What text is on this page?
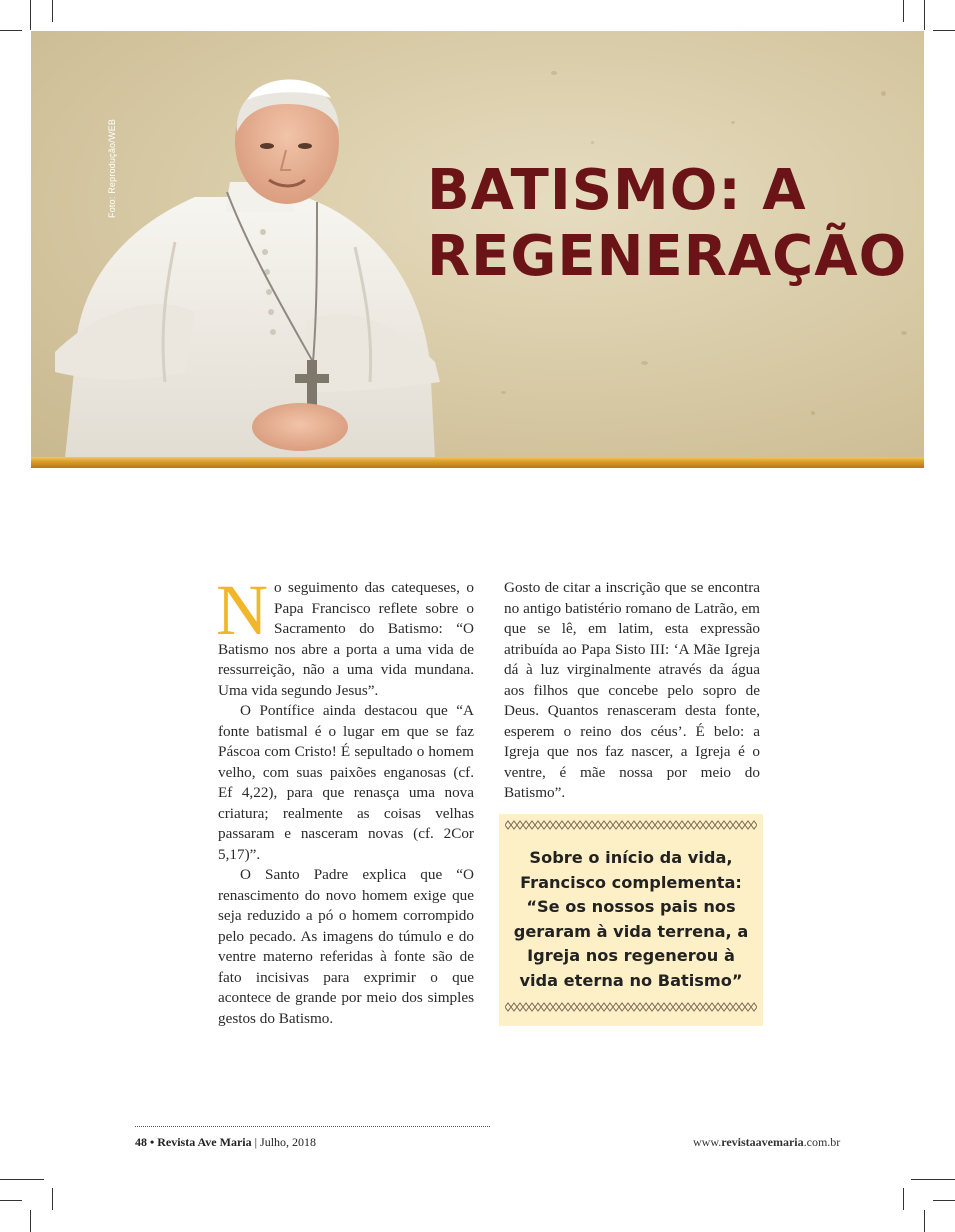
Foto: Reprodução/WEB	BATISMO: A
REGENERAÇÃO

No seguimento das catequeses, o Papa Francisco reflete sobre o Sacramento do Batismo: “O Batismo nos abre a porta a uma vida de ressurreição, não a uma vida mundana. Uma vida segundo Jesus”.

O Pontífice ainda destacou que “A fonte batismal é o lugar em que se faz Páscoa com Cristo! É sepultado o homem velho, com suas paixões enganosas (cf. Ef 4,22), para que renasça uma nova criatura; realmente as coisas velhas passaram e nasceram novas (cf. 2Cor 5,17)”.

O Santo Padre explica que “O renascimento do novo homem exige que seja reduzido a pó o homem corrompido pelo pecado. As imagens do túmulo e do ventre materno referidas à fonte são de fato incisivas para exprimir o que acontece de grande por meio dos simples gestos do Batismo.

Gosto de citar a inscrição que se encontra no antigo batistério romano de Latrão, em que se lê, em latim, esta expressão atribuída ao Papa Sisto III: ‘A Mãe Igreja dá à luz virginalmente através da água aos filhos que concebe pelo sopro de Deus. Quantos renasceram desta fonte, esperem o reino dos céus’. É belo: a Igreja que nos faz nascer, a Igreja é o ventre, é mãe nossa por meio do Batismo”.

Sobre o início da vida, Francisco complementa: “Se os nossos pais nos geraram à vida terrena, a Igreja nos regenerou à vida eterna no Batismo”

48 • Revista Ave Maria | Julho, 2018	www.revistaavemaria.com.br
